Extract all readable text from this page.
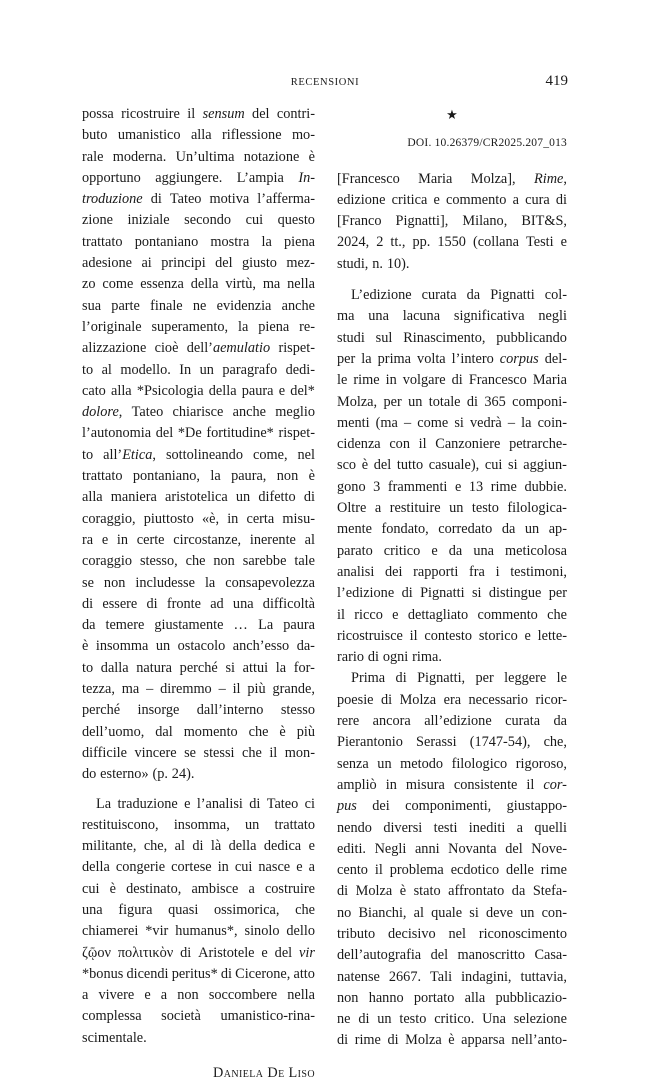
RECENSIONI	419
possa ricostruire il sensum del contri-
buto umanistico alla riflessione mo-
rale moderna. Un’ultima notazione è
opportuno aggiungere. L’ampia In-
troduzione di Tateo motiva l’afferma-
zione iniziale secondo cui questo
trattato pontaniano mostra la piena
adesione ai principi del giusto mez-
zo come essenza della virtù, ma nella
sua parte finale ne evidenzia anche
l’originale superamento, la piena re-
alizzazione cioè dell’aemulatio rispet-
to al modello. In un paragrafo dedi-
cato alla *Psicologia della paura e del*
dolore, Tateo chiarisce anche meglio
l’autonomia del *De fortitudine* rispet-
to all’Etica, sottolineando come, nel
trattato pontaniano, la paura, non è
alla maniera aristotelica un difetto di
coraggio, piuttosto «è, in certa misu-
ra e in certe circostanze, inerente al
coraggio stesso, che non sarebbe tale
se non includesse la consapevolezza
di essere di fronte ad una difficoltà
da temere giustamente … La paura
è insomma un ostacolo anch’esso da-
to dalla natura perché si attui la for-
tezza, ma – diremmo – il più grande,
perché insorge dall’interno stesso
dell’uomo, dal momento che è più
difficile vincere se stessi che il mon-
do esterno» (p. 24).
La traduzione e l’analisi di Tateo ci
restituiscono, insomma, un trattato
militante, che, al di là della dedica e
della congerie cortese in cui nasce e a
cui è destinato, ambisce a costruire
una figura quasi ossimorica, che
chiamerei *vir humanus*, sinolo dello
ζῷον πολιτικὸν di Aristotele e del vir
*bonus dicendi peritus* di Cicerone, atto
a vivere e a non soccombere nella
complessa società umanistico-rina-
scimentale.
Daniela De Liso
★
DOI. 10.26379/CR2025.207_013
[Francesco Maria Molza], Rime,
edizione critica e commento a cura di
[Franco Pignatti], Milano, BIT&S,
2024, 2 tt., pp. 1550 (collana Testi e
studi, n. 10).
L’edizione curata da Pignatti col-
ma una lacuna significativa negli
studi sul Rinascimento, pubblicando
per la prima volta l’intero corpus del-
le rime in volgare di Francesco Maria
Molza, per un totale di 365 componi-
menti (ma – come si vedrà – la coin-
cidenza con il Canzoniere petrarche-
sco è del tutto casuale), cui si aggiun-
gono 3 frammenti e 13 rime dubbie.
Oltre a restituire un testo filologica-
mente fondato, corredato da un ap-
parato critico e da una meticolosa
analisi dei rapporti fra i testimoni,
l’edizione di Pignatti si distingue per
il ricco e dettagliato commento che
ricostruisce il contesto storico e lette-
rario di ogni rima.
Prima di Pignatti, per leggere le
poesie di Molza era necessario ricor-
rere ancora all’edizione curata da
Pierantonio Serassi (1747-54), che,
senza un metodo filologico rigoroso,
ampliò in misura consistente il cor-
pus dei componimenti, giustappo-
nendo diversi testi inediti a quelli
editi. Negli anni Novanta del Nove-
cento il problema ecdotico delle rime
di Molza è stato affrontato da Stefa-
no Bianchi, al quale si deve un con-
tributo decisivo nel riconoscimento
dell’autografia del manoscritto Casa-
natense 2667. Tali indagini, tuttavia,
non hanno portato alla pubblicazio-
ne di un testo critico. Una selezione
di rime di Molza è apparsa nell’anto-
